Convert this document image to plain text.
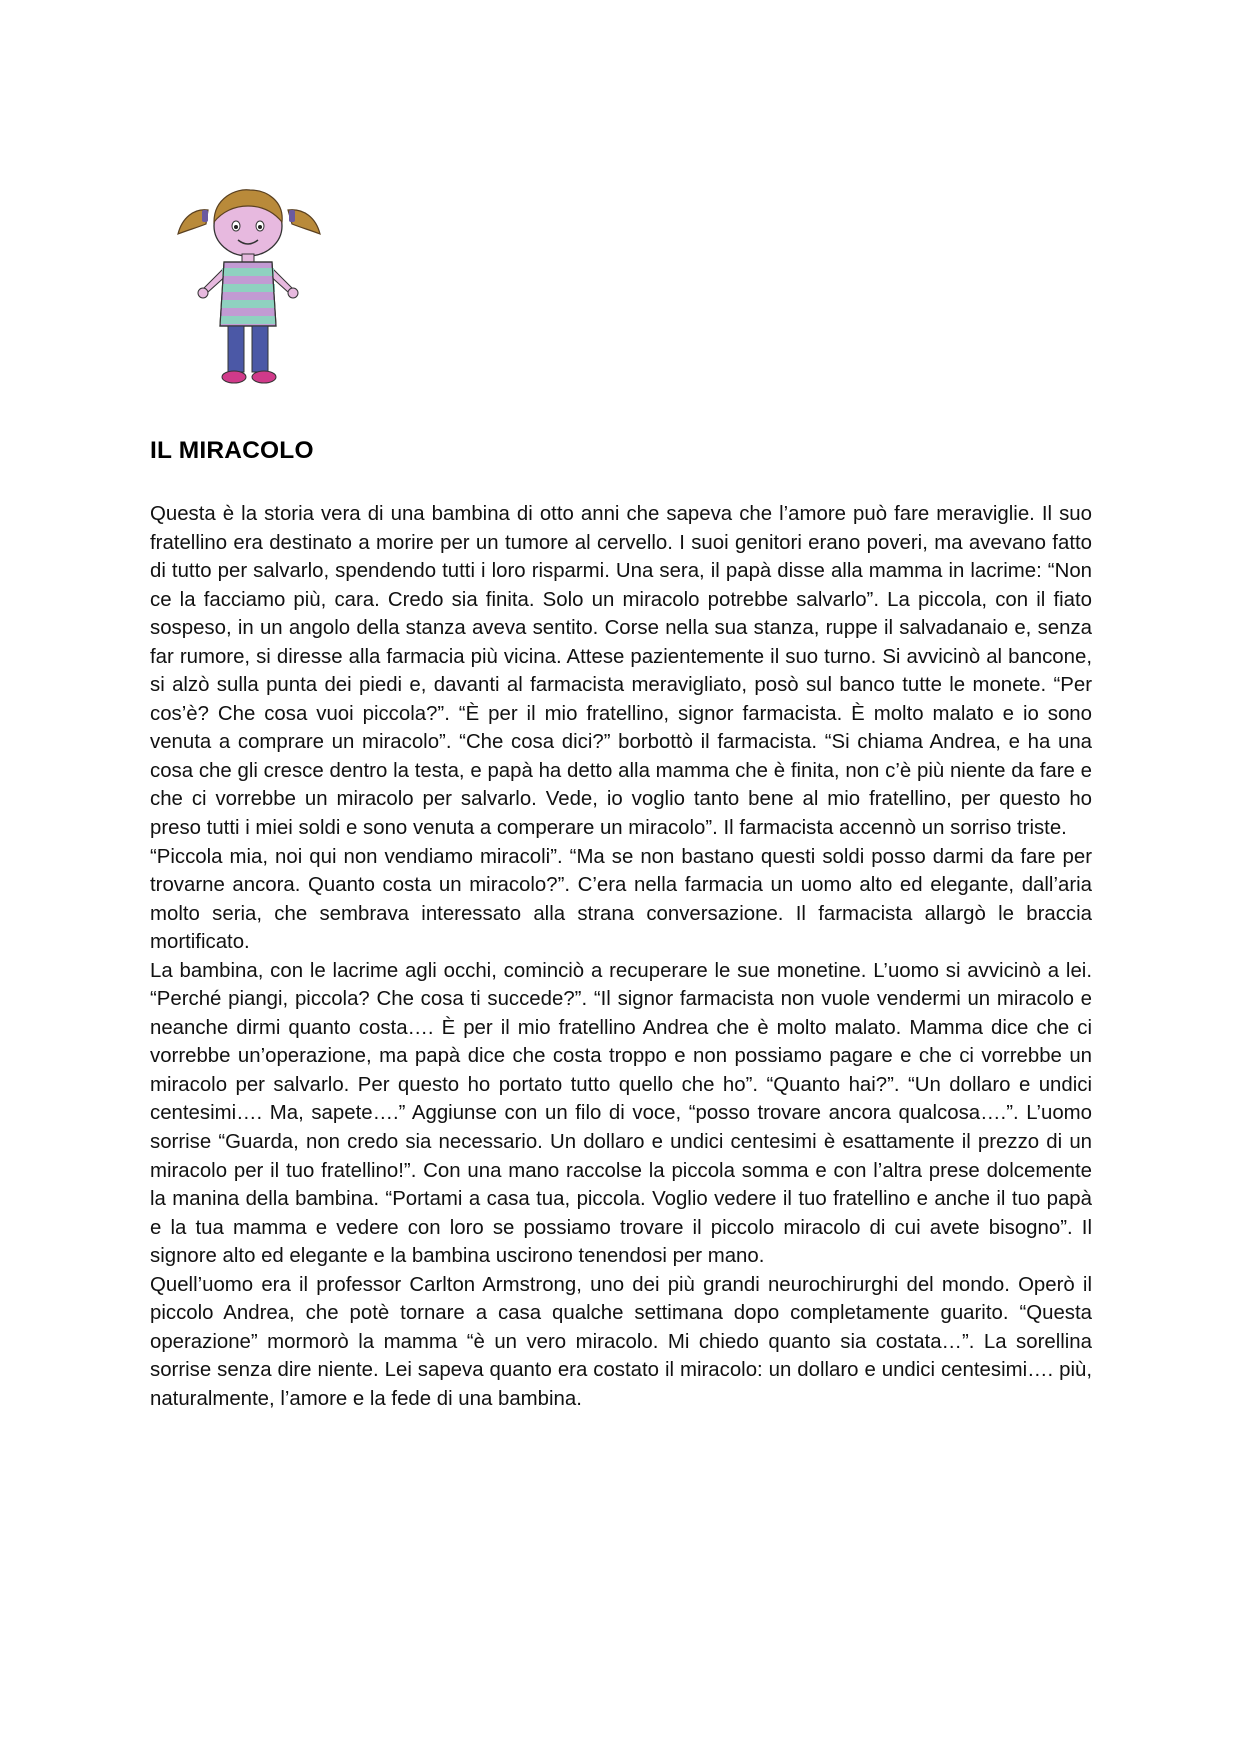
IL MIRACOLO

Questa è la storia vera di una bambina di otto anni che sapeva che l’amore può fare meraviglie. Il suo fratellino era destinato a morire per un tumore al cervello. I suoi genitori erano poveri, ma avevano fatto di tutto per salvarlo, spendendo tutti i loro risparmi. Una sera, il papà disse alla mamma in lacrime: “Non ce la facciamo più, cara. Credo sia finita. Solo un miracolo potrebbe salvarlo”. La piccola, con il fiato sospeso, in un angolo della stanza aveva sentito. Corse nella sua stanza, ruppe il salvadanaio e, senza far rumore, si diresse alla farmacia più vicina. Attese pazientemente il suo turno. Si avvicinò al bancone, si alzò sulla punta dei piedi e, davanti al farmacista meravigliato, posò sul banco tutte le monete. “Per cos’è? Che cosa vuoi piccola?”. “È per il mio fratellino, signor farmacista. È molto malato e io sono venuta a comprare un miracolo”. “Che cosa dici?” borbottò il farmacista. “Si chiama Andrea, e ha una cosa che gli cresce dentro la testa, e papà ha detto alla mamma che è finita, non c’è più niente da fare e che ci vorrebbe un miracolo per salvarlo. Vede, io voglio tanto bene al mio fratellino, per questo ho preso tutti i miei soldi e sono venuta a comperare un miracolo”. Il farmacista accennò un sorriso triste.

“Piccola mia, noi qui non vendiamo miracoli”. “Ma se non bastano questi soldi posso darmi da fare per trovarne ancora. Quanto costa un miracolo?”. C’era nella farmacia un uomo alto ed elegante, dall’aria molto seria, che sembrava interessato alla strana conversazione. Il farmacista allargò le braccia mortificato.

La bambina, con le lacrime agli occhi, cominciò a recuperare le sue monetine. L’uomo si avvicinò a lei. “Perché piangi, piccola? Che cosa ti succede?”. “Il signor farmacista non vuole vendermi un miracolo e neanche dirmi quanto costa…. È per il mio fratellino Andrea che è molto malato. Mamma dice che ci vorrebbe un’operazione, ma papà dice che costa troppo e non possiamo pagare e che ci vorrebbe un miracolo per salvarlo. Per questo ho portato tutto quello che ho”. “Quanto hai?”. “Un dollaro e undici centesimi…. Ma, sapete….” Aggiunse con un filo di voce, “posso trovare ancora qualcosa….”. L’uomo sorrise “Guarda, non credo sia necessario. Un dollaro e undici centesimi è esattamente il prezzo di un miracolo per il tuo fratellino!”. Con una mano raccolse la piccola somma e con l’altra prese dolcemente la manina della bambina. “Portami a casa tua, piccola. Voglio vedere il tuo fratellino e anche il tuo papà e la tua mamma e vedere con loro se possiamo trovare il piccolo miracolo di cui avete bisogno”. Il signore alto ed elegante e la bambina uscirono tenendosi per mano.

Quell’uomo era il professor Carlton Armstrong, uno dei più grandi neurochirurghi del mondo. Operò il piccolo Andrea, che potè tornare a casa qualche settimana dopo completamente guarito. “Questa operazione” mormorò la mamma “è un vero miracolo. Mi chiedo quanto sia costata…”. La sorellina sorrise senza dire niente. Lei sapeva quanto era costato il miracolo: un dollaro e undici centesimi…. più, naturalmente, l’amore e la fede di una bambina.
